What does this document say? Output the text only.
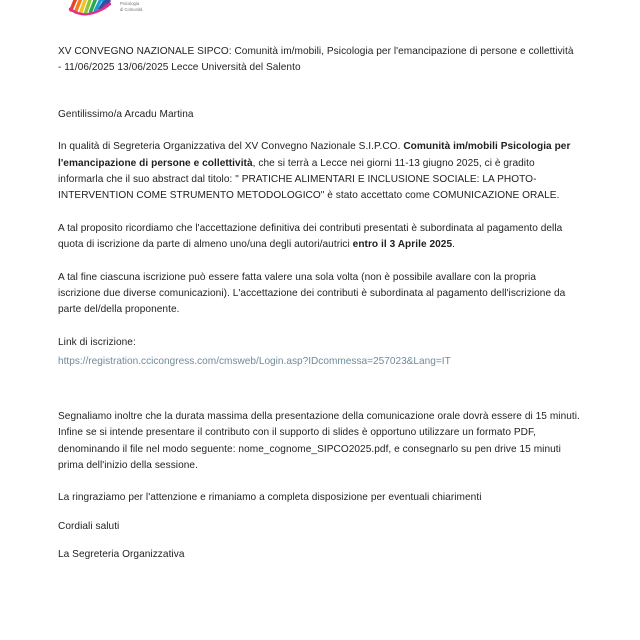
Psicologia
di Comunità

XV CONVEGNO NAZIONALE SIPCO: Comunità im/mobili, Psicologia per l'emancipazione di persone e collettività - 11/06/2025 13/06/2025 Lecce Università del Salento

Gentilissimo/a Arcadu Martina

In qualità di Segreteria Organizzativa del XV Convegno Nazionale S.I.P.CO. Comunità im/mobili Psicologia per l'emancipazione di persone e collettività, che si terrà a Lecce nei giorni 11-13 giugno 2025, ci è gradito informarla che il suo abstract dal titolo: " PRATICHE ALIMENTARI E INCLUSIONE SOCIALE: LA PHOTO-INTERVENTION COME STRUMENTO METODOLOGICO" è stato accettato come COMUNICAZIONE ORALE.

A tal proposito ricordiamo che l'accettazione definitiva dei contributi presentati è subordinata al pagamento della quota di iscrizione da parte di almeno uno/una degli autori/autrici entro il 3 Aprile 2025.

A tal fine ciascuna iscrizione può essere fatta valere una sola volta (non è possibile avallare con la propria iscrizione due diverse comunicazioni). L'accettazione dei contributi è subordinata al pagamento dell'iscrizione da parte del/della proponente.

Link di iscrizione:

https://registration.ccicongress.com/cmsweb/Login.asp?IDcommessa=257023&Lang=IT

Segnaliamo inoltre che la durata massima della presentazione della comunicazione orale dovrà essere di 15 minuti. Infine se si intende presentare il contributo con il supporto di slides è opportuno utilizzare un formato PDF, denominando il file nel modo seguente: nome_cognome_SIPCO2025.pdf, e consegnarlo su pen drive 15 minuti prima dell'inizio della sessione.

La ringraziamo per l'attenzione e rimaniamo a completa disposizione per eventuali chiarimenti

Cordiali saluti

La Segreteria Organizzativa
